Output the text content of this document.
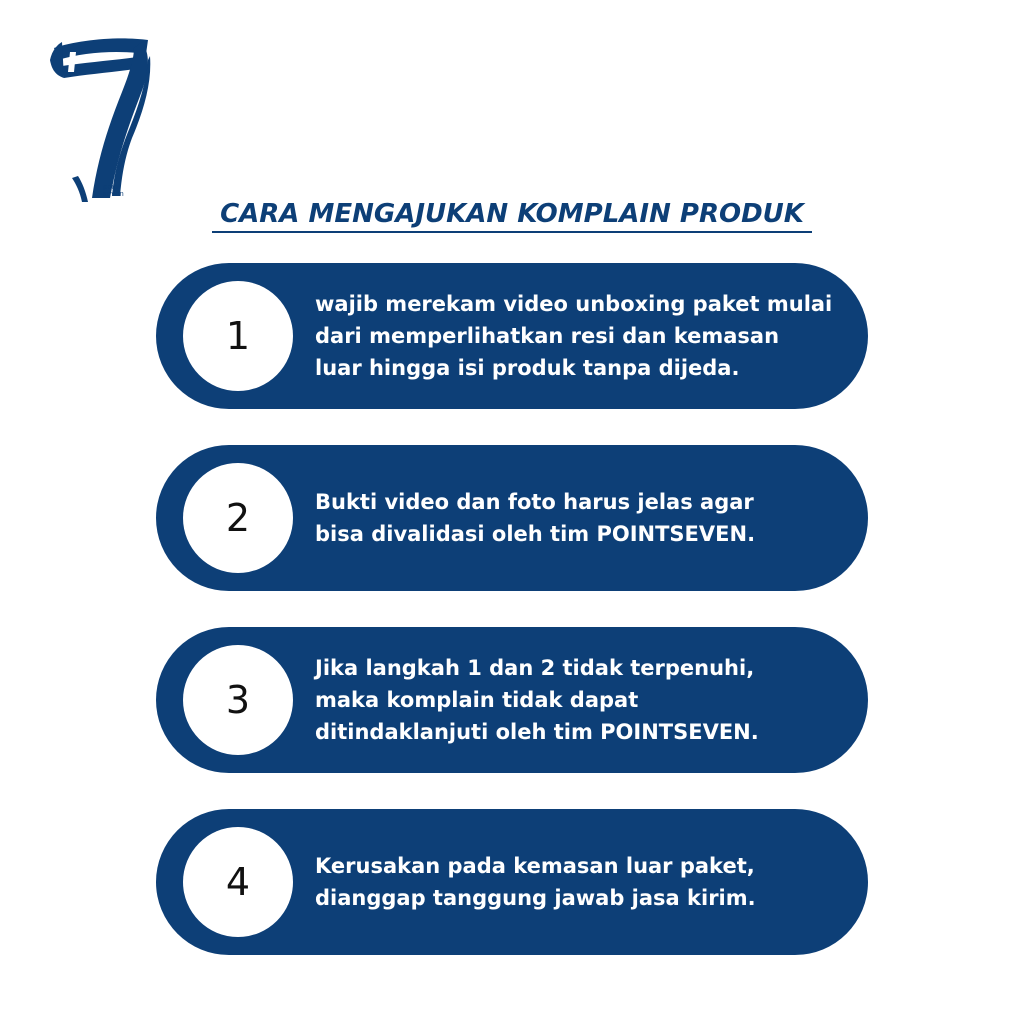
point
seven
CARA MENGAJUKAN KOMPLAIN PRODUK
1
wajib merekam video unboxing paket mulai
dari memperlihatkan resi dan kemasan
luar hingga isi produk tanpa dijeda.
2	Bukti video dan foto harus jelas agar
bisa divalidasi oleh tim POINTSEVEN.
3
Jika langkah 1 dan 2 tidak terpenuhi,
maka komplain tidak dapat
ditindaklanjuti oleh tim POINTSEVEN.
4	Kerusakan pada kemasan luar paket,
dianggap tanggung jawab jasa kirim.
